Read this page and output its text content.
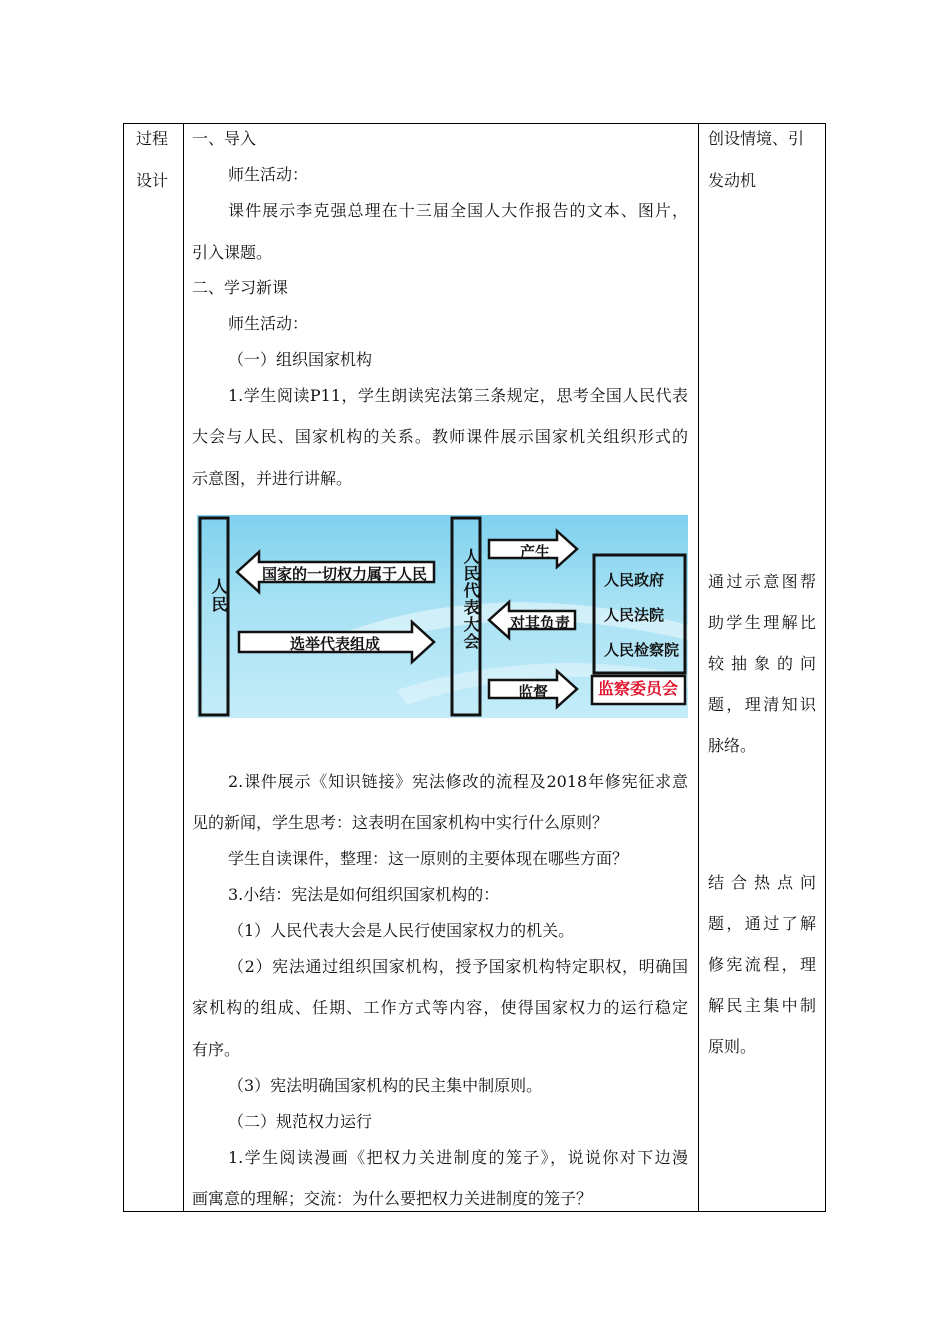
过程
设计
一、导入
师生活动：
课件展示李克强总理在十三届全国人大作报告的文本、图片，
引入课题。
二、学习新课
师生活动：
（一）组织国家机构
1.学生阅读P11，学生朗读宪法第三条规定，思考全国人民代表
大会与人民、国家机构的关系。教师课件展示国家机关组织形式的
示意图，并进行讲解。
人民	人民代表大会
国家的一切权力属于人民
选举代表组成
产生
对其负责
监督
人民政府
人民法院
人民检察院
监察委员会
2.课件展示《知识链接》宪法修改的流程及2018年修宪征求意
见的新闻，学生思考：这表明在国家机构中实行什么原则？
学生自读课件，整理：这一原则的主要体现在哪些方面？
3.小结：宪法是如何组织国家机构的：
（1）人民代表大会是人民行使国家权力的机关。
（2）宪法通过组织国家机构，授予国家机构特定职权，明确国
家机构的组成、任期、工作方式等内容，使得国家权力的运行稳定
有序。
（3）宪法明确国家机构的民主集中制原则。
（二）规范权力运行
1.学生阅读漫画《把权力关进制度的笼子》，说说你对下边漫
画寓意的理解；交流：为什么要把权力关进制度的笼子？
创设情境、引
发动机
通过示意图帮
助学生理解比
较抽象的问
题，理清知识
脉络。
结合热点问
题，通过了解
修宪流程，理
解民主集中制
原则。
